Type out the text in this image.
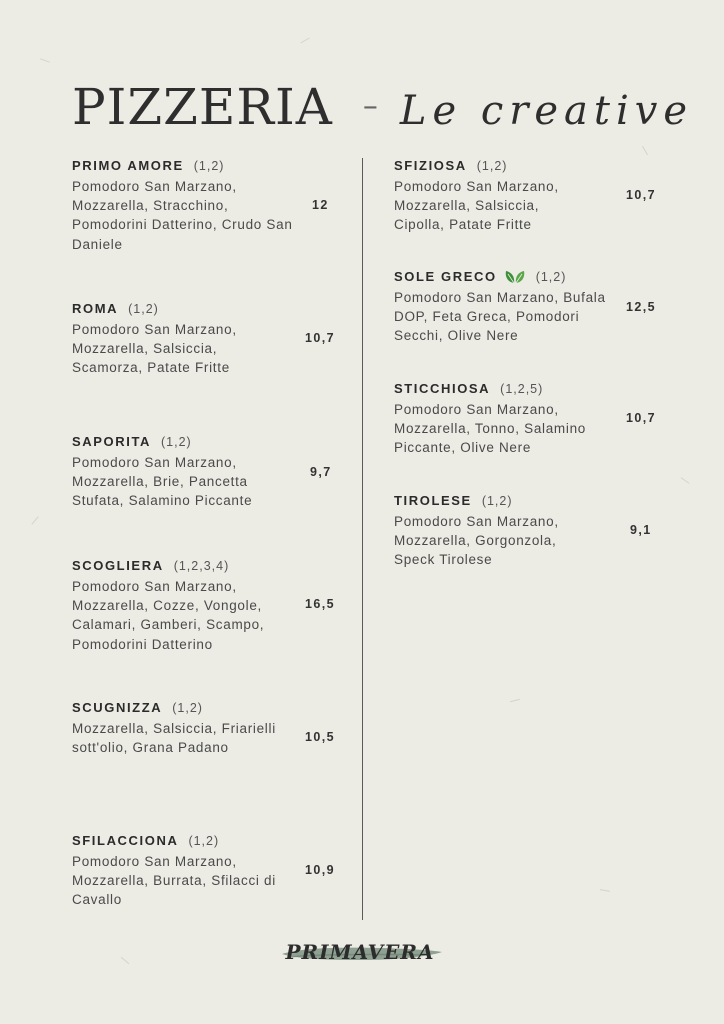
PIZZERIA – Le creative
PRIMO AMORE (1,2)
Pomodoro San Marzano, Mozzarella, Stracchino, Pomodorini Datterino, Crudo San Daniele
12
ROMA (1,2)
Pomodoro San Marzano, Mozzarella, Salsiccia, Scamorza, Patate Fritte
10,7
SAPORITA (1,2)
Pomodoro San Marzano, Mozzarella, Brie, Pancetta Stufata, Salamino Piccante
9,7
SCOGLIERA (1,2,3,4)
Pomodoro San Marzano, Mozzarella, Cozze, Vongole, Calamari, Gamberi, Scampo, Pomodorini Datterino
16,5
SCUGNIZZA (1,2)
Mozzarella, Salsiccia, Friarielli sott'olio, Grana Padano
10,5
SFILACCIONA (1,2)
Pomodoro San Marzano, Mozzarella, Burrata, Sfilacci di Cavallo
10,9
SFIZIOSA (1,2)
Pomodoro San Marzano, Mozzarella, Salsiccia, Cipolla, Patate Fritte
10,7
SOLE GRECO	(1,2)
Pomodoro San Marzano, Bufala DOP, Feta Greca, Pomodori Secchi, Olive Nere
12,5
STICCHIOSA (1,2,5)
Pomodoro San Marzano, Mozzarella, Tonno, Salamino Piccante, Olive Nere
10,7
TIROLESE (1,2)
Pomodoro San Marzano, Mozzarella, Gorgonzola, Speck Tirolese
9,1
PRIMAVERA
